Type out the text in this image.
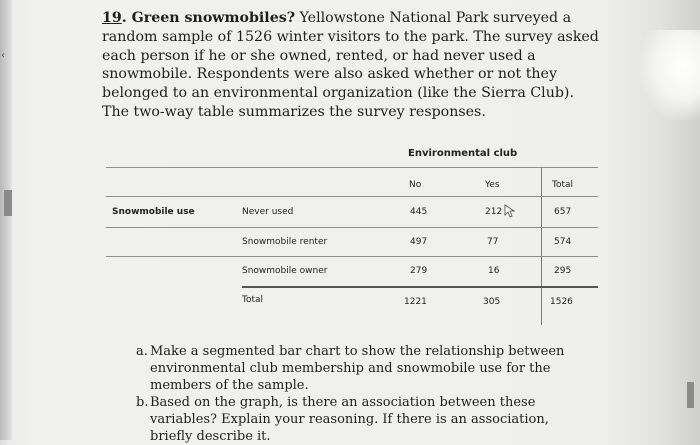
‹
19. Green snowmobiles? Yellowstone National Park surveyed a random sample of 1526 winter visitors to the park. The survey asked each person if he or she owned, rented, or had never used a snowmobile. Respondents were also asked whether or not they belonged to an environmental organization (like the Sierra Club). The two-way table summarizes the survey responses.
Environmental club
No	Yes	Total
Snowmobile use	Never used	445	212	657
Snowmobile renter	497	77	574
Snowmobile owner	279	16	295
Total	1221	305	1526
a. Make a segmented bar chart to show the relationship between environmental club membership and snowmobile use for the members of the sample.
b. Based on the graph, is there an association between these variables? Explain your reasoning. If there is an association, briefly describe it.
